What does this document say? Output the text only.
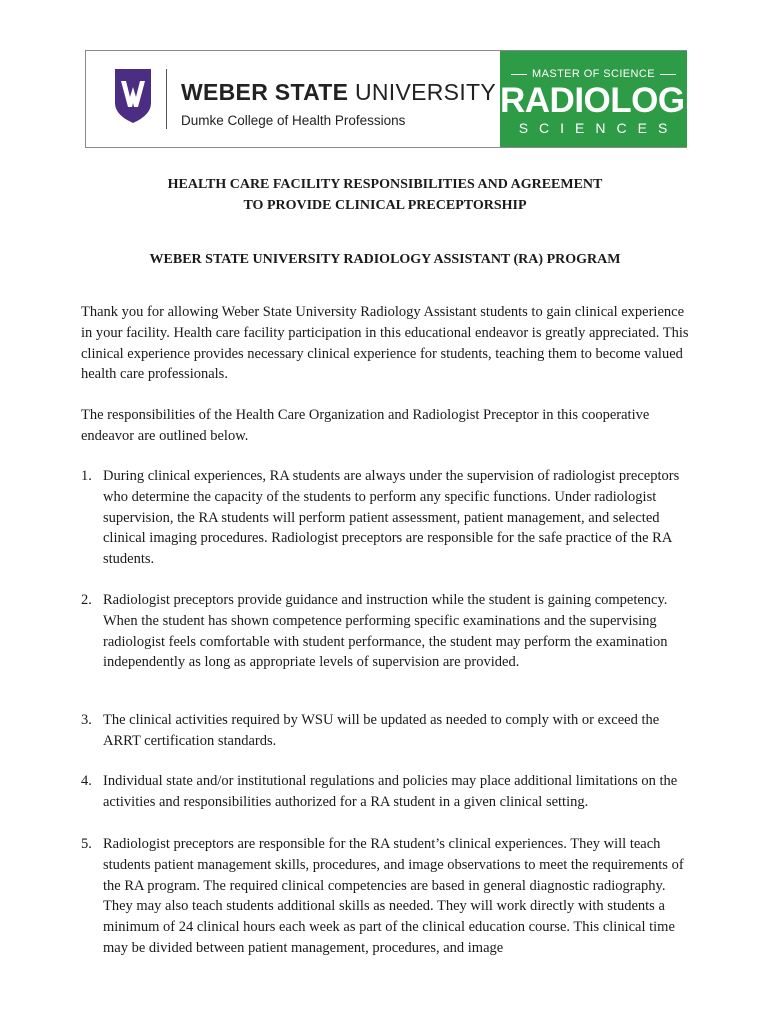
WEBER STATE UNIVERSITY
Dumke College of Health Professions
MASTER OF SCIENCE
RADIOLOGIC
SCIENCES
HEALTH CARE FACILITY RESPONSIBILITIES AND AGREEMENT
TO PROVIDE CLINICAL PRECEPTORSHIP
WEBER STATE UNIVERSITY RADIOLOGY ASSISTANT (RA) PROGRAM

Thank you for allowing Weber State University Radiology Assistant students to gain clinical experience in your facility. Health care facility participation in this educational endeavor is greatly appreciated. This clinical experience provides necessary clinical experience for students, teaching them to become valued health care professionals.

The responsibilities of the Health Care Organization and Radiologist Preceptor in this cooperative endeavor are outlined below.

1. During clinical experiences, RA students are always under the supervision of radiologist preceptors who determine the capacity of the students to perform any specific functions. Under radiologist supervision, the RA students will perform patient assessment, patient management, and selected clinical imaging procedures. Radiologist preceptors are responsible for the safe practice of the RA students.
2. Radiologist preceptors provide guidance and instruction while the student is gaining competency. When the student has shown competence performing specific examinations and the supervising radiologist feels comfortable with student performance, the student may perform the examination independently as long as appropriate levels of supervision are provided.
3. The clinical activities required by WSU will be updated as needed to comply with or exceed the ARRT certification standards.
4. Individual state and/or institutional regulations and policies may place additional limitations on the activities and responsibilities authorized for a RA student in a given clinical setting.
5. Radiologist preceptors are responsible for the RA student’s clinical experiences. They will teach students patient management skills, procedures, and image observations to meet the requirements of the RA program. The required clinical competencies are based in general diagnostic radiography. They may also teach students additional skills as needed. They will work directly with students a minimum of 24 clinical hours each week as part of the clinical education course. This clinical time may be divided between patient management, procedures, and image
